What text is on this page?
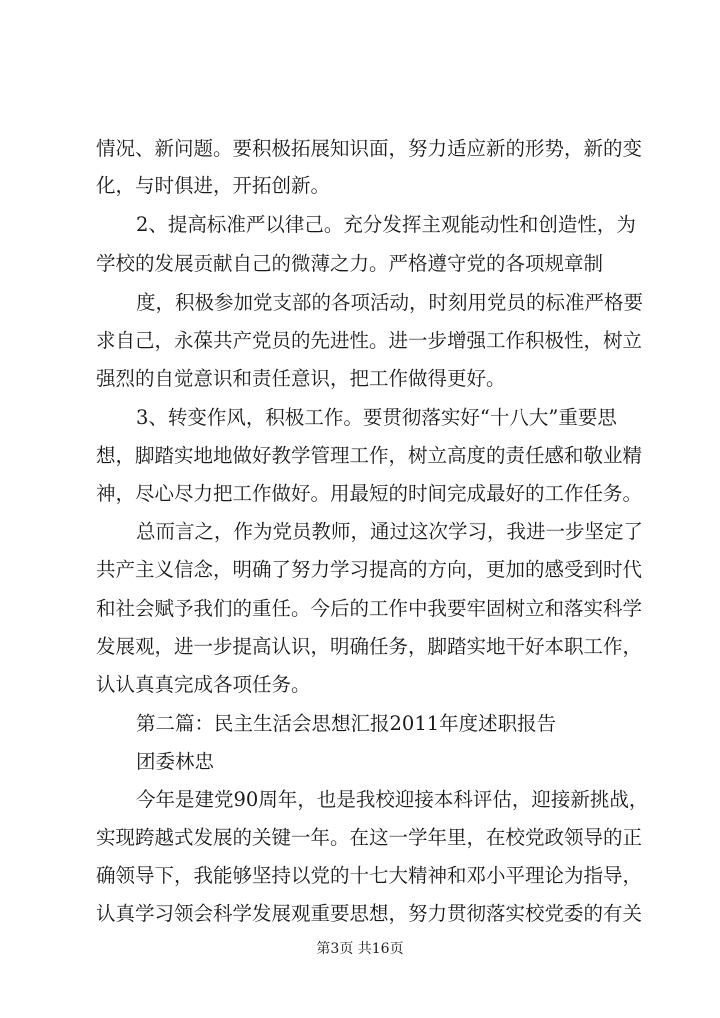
情况、新问题。要积极拓展知识面，努力适应新的形势，新的变
化，与时俱进，开拓创新。
2、提高标准严以律己。充分发挥主观能动性和创造性，为
学校的发展贡献自己的微薄之力。严格遵守党的各项规章制
度，积极参加党支部的各项活动，时刻用党员的标准严格要
求自己，永葆共产党员的先进性。进一步增强工作积极性，树立
强烈的自觉意识和责任意识，把工作做得更好。
3、转变作风，积极工作。要贯彻落实好“十八大”重要思
想，脚踏实地地做好教学管理工作，树立高度的责任感和敬业精
神，尽心尽力把工作做好。用最短的时间完成最好的工作任务。
总而言之，作为党员教师，通过这次学习，我进一步坚定了
共产主义信念，明确了努力学习提高的方向，更加的感受到时代
和社会赋予我们的重任。今后的工作中我要牢固树立和落实科学
发展观，进一步提高认识，明确任务，脚踏实地干好本职工作，
认认真真完成各项任务。
第二篇：民主生活会思想汇报2011年度述职报告
团委林忠
今年是建党90周年，也是我校迎接本科评估，迎接新挑战，
实现跨越式发展的关键一年。在这一学年里，在校党政领导的正
确领导下，我能够坚持以党的十七大精神和邓小平理论为指导，
认真学习领会科学发展观重要思想，努力贯彻落实校党委的有关
第3页 共16页
